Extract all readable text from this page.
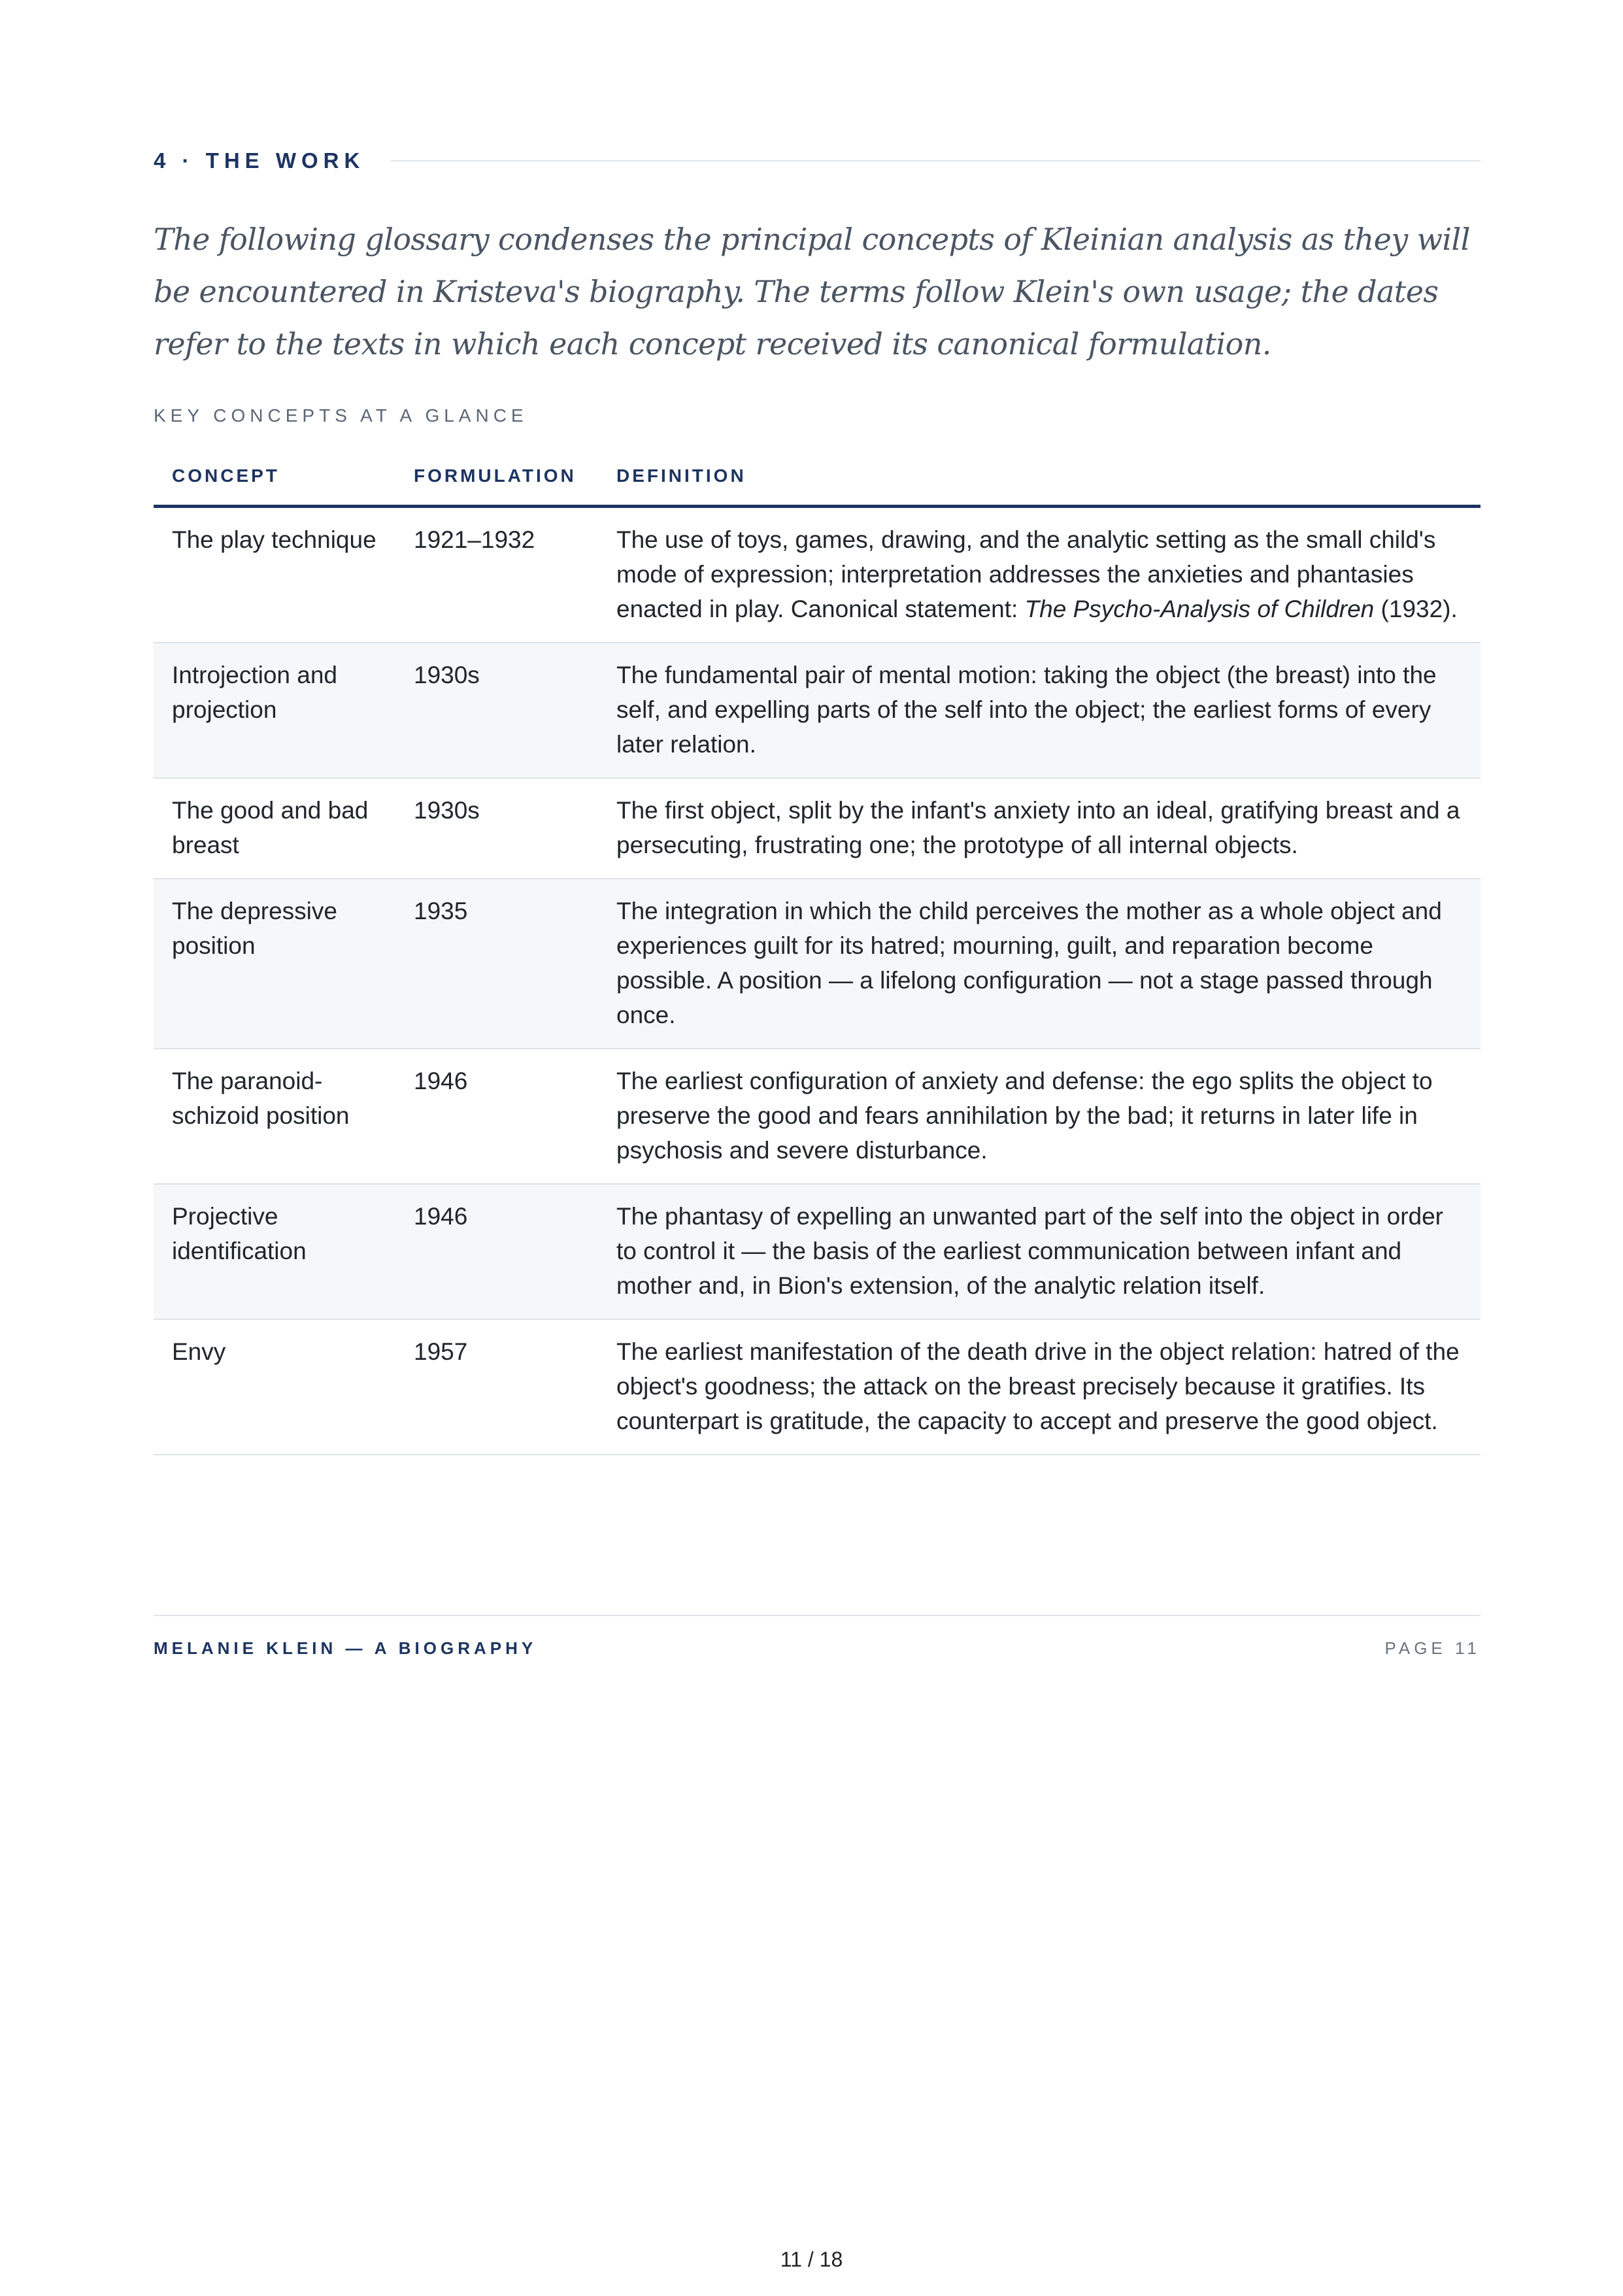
4 · THE WORK

The following glossary condenses the principal concepts of Kleinian analysis as they will be encountered in Kristeva's biography. The terms follow Klein's own usage; the dates refer to the texts in which each concept received its canonical formulation.

KEY CONCEPTS AT A GLANCE
CONCEPT	FORMULATION	DEFINITION
The play technique	1921–1932	The use of toys, games, drawing, and the analytic setting as the small child's mode of expression; interpretation addresses the anxieties and phantasies enacted in play. Canonical statement: The Psycho-Analysis of Children (1932).
Introjection and projection	1930s	The fundamental pair of mental motion: taking the object (the breast) into the self, and expelling parts of the self into the object; the earliest forms of every later relation.
The good and bad breast	1930s	The first object, split by the infant's anxiety into an ideal, gratifying breast and a persecuting, frustrating one; the prototype of all internal objects.
The depressive position	1935	The integration in which the child perceives the mother as a whole object and experiences guilt for its hatred; mourning, guilt, and reparation become possible. A position — a lifelong configuration — not a stage passed through once.
The paranoid-schizoid position	1946	The earliest configuration of anxiety and defense: the ego splits the object to preserve the good and fears annihilation by the bad; it returns in later life in psychosis and severe disturbance.
Projective identification	1946	The phantasy of expelling an unwanted part of the self into the object in order to control it — the basis of the earliest communication between infant and mother and, in Bion's extension, of the analytic relation itself.
Envy	1957	The earliest manifestation of the death drive in the object relation: hatred of the object's goodness; the attack on the breast precisely because it gratifies. Its counterpart is gratitude, the capacity to accept and preserve the good object.
MELANIE KLEIN — A BIOGRAPHY	PAGE 11
11 / 18
